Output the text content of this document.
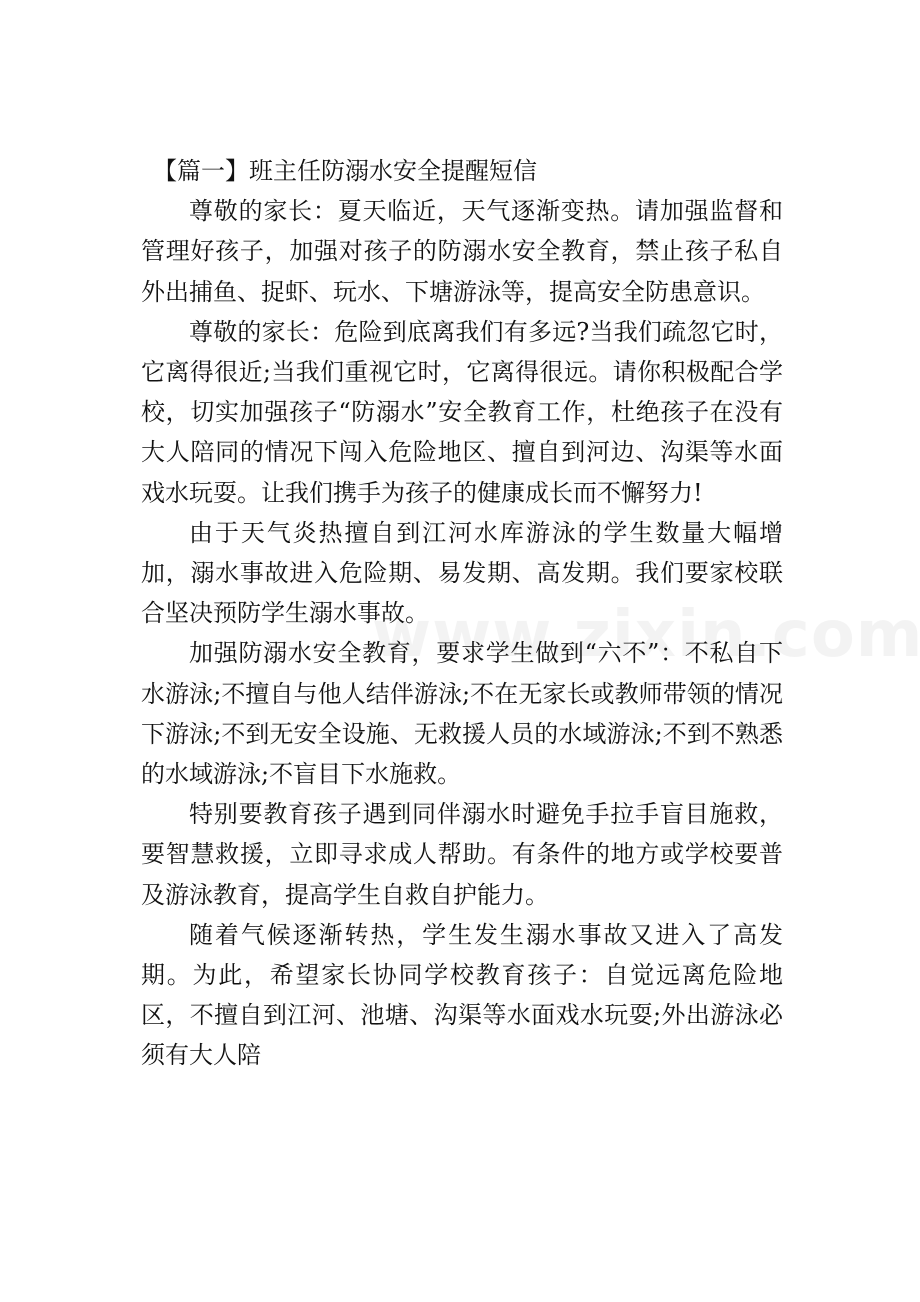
【篇一】班主任防溺水安全提醒短信

尊敬的家长：夏天临近，天气逐渐变热。请加强监督和管理好孩子，加强对孩子的防溺水安全教育，禁止孩子私自外出捕鱼、捉虾、玩水、下塘游泳等，提高安全防患意识。

尊敬的家长：危险到底离我们有多远?当我们疏忽它时，它离得很近;当我们重视它时，它离得很远。请你积极配合学校，切实加强孩子“防溺水”安全教育工作，杜绝孩子在没有大人陪同的情况下闯入危险地区、擅自到河边、沟渠等水面戏水玩耍。让我们携手为孩子的健康成长而不懈努力!

由于天气炎热擅自到江河水库游泳的学生数量大幅增加，溺水事故进入危险期、易发期、高发期。我们要家校联合坚决预防学生溺水事故。

加强防溺水安全教育，要求学生做到“六不”：不私自下水游泳;不擅自与他人结伴游泳;不在无家长或教师带领的情况下游泳;不到无安全设施、无救援人员的水域游泳;不到不熟悉的水域游泳;不盲目下水施救。

特别要教育孩子遇到同伴溺水时避免手拉手盲目施救，要智慧救援，立即寻求成人帮助。有条件的地方或学校要普及游泳教育，提高学生自救自护能力。

随着气候逐渐转热，学生发生溺水事故又进入了高发期。为此，希望家长协同学校教育孩子：自觉远离危险地区，不擅自到江河、池塘、沟渠等水面戏水玩耍;外出游泳必须有大人陪
